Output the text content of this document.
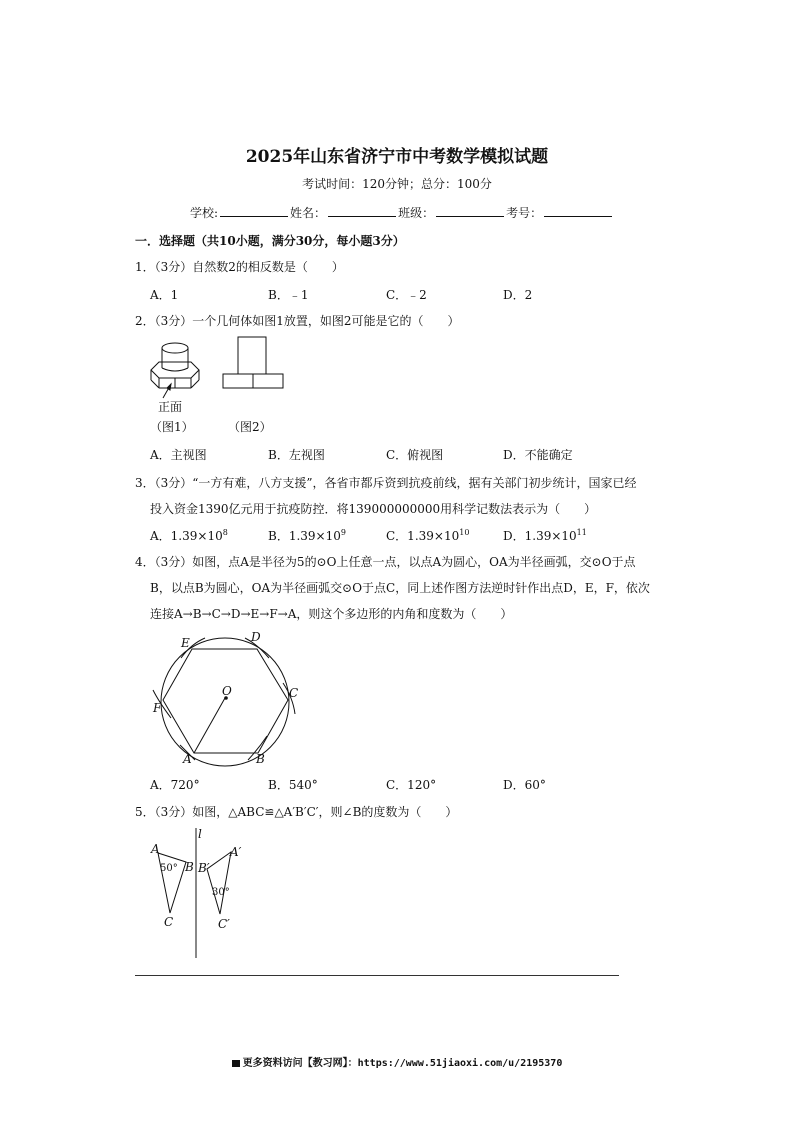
2025年山东省济宁市中考数学模拟试题
考试时间：120分钟；总分：100分
学校:	姓名：	班级：	考号：
一．选择题（共10小题，满分30分，每小题3分）
1．（3分）自然数2的相反数是（　　）
A．1	B．﹣1	C．﹣2	D．2
2．（3分）一个几何体如图1放置，如图2可能是它的（　　）
正面
（图1）	（图2）
A．主视图	B．左视图	C．俯视图	D．不能确定
3．（3分）“一方有难，八方支援”，各省市都斥资到抗疫前线，据有关部门初步统计，国家已经
投入资金1390亿元用于抗疫防控．将139000000000用科学记数法表示为（　　）
A．$1.39\times 10^8$	B．$1.39\times 10^9$	C．$1.39\times 10^{10}$	D．$1.39\times 10^{11}$
4．（3分）如图，点A是半径为5的⊙O上任意一点，以点A为圆心，OA为半径画弧，交⊙O于点
B，以点B为圆心，OA为半径画弧交⊙O于点C，同上述作图方法逆时针作出点D，E，F，依次
连接A→B→C→D→E→F→A，则这个多边形的内角和度数为（　　）
O
E	D
C
F
A	B
A．720°	B．540°	C．120°	D．60°
5．（3分）如图，△ABC≌△A′B′C′，则∠B的度数为（　　）
l
A
B
C
50°
A′
B′
30°
C′
更多资料访问【教习网】：https://www.51jiaoxi.com/u/2195370
